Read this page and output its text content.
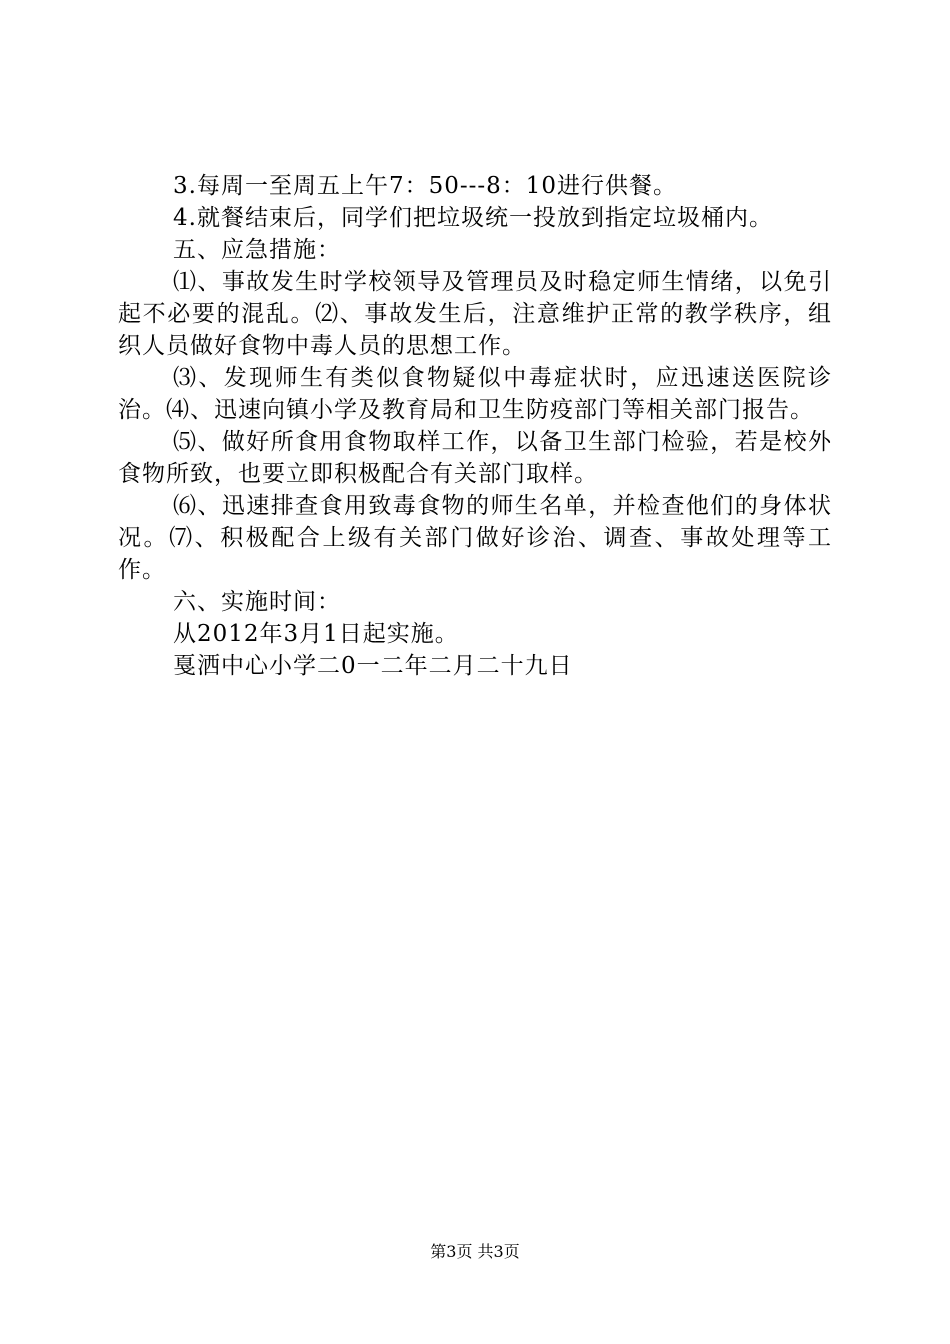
3.每周一至周五上午7：50---8：10进行供餐。

4.就餐结束后，同学们把垃圾统一投放到指定垃圾桶内。

五、应急措施：

⑴、事故发生时学校领导及管理员及时稳定师生情绪，以免引起不必要的混乱。⑵、事故发生后，注意维护正常的教学秩序，组织人员做好食物中毒人员的思想工作。

⑶、发现师生有类似食物疑似中毒症状时，应迅速送医院诊治。⑷、迅速向镇小学及教育局和卫生防疫部门等相关部门报告。

⑸、做好所食用食物取样工作，以备卫生部门检验，若是校外食物所致，也要立即积极配合有关部门取样。

⑹、迅速排查食用致毒食物的师生名单，并检查他们的身体状况。⑺、积极配合上级有关部门做好诊治、调查、事故处理等工作。

六、实施时间：

从2012年3月1日起实施。

戛洒中心小学二0一二年二月二十九日

第3页 共3页
